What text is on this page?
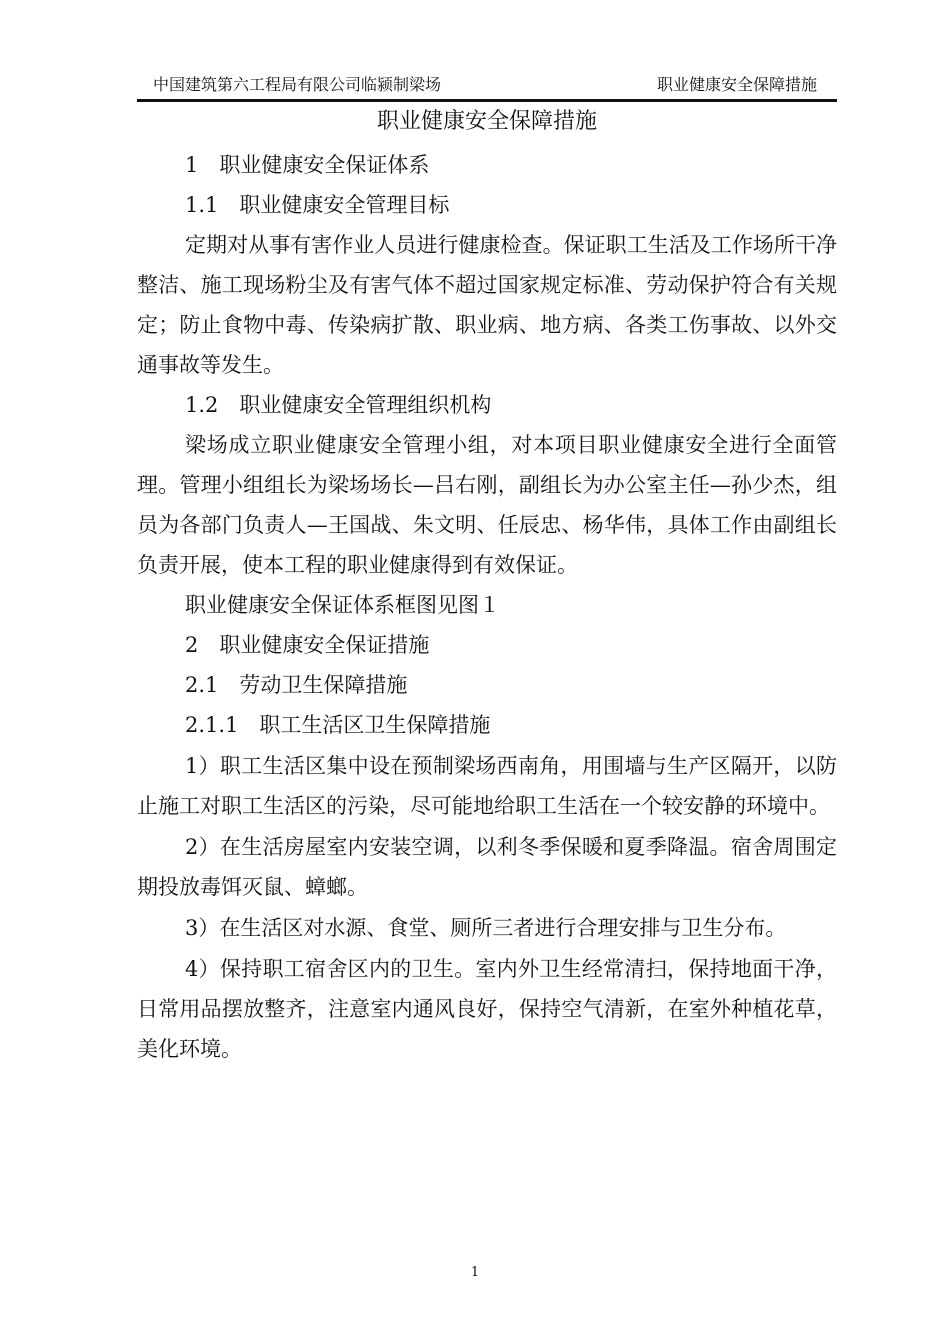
中国建筑第六工程局有限公司临颍制梁场	职业健康安全保障措施
职业健康安全保障措施

1　职业健康安全保证体系

1.1　职业健康安全管理目标

定期对从事有害作业人员进行健康检查。保证职工生活及工作场所干净整洁、施工现场粉尘及有害气体不超过国家规定标准、劳动保护符合有关规定；防止食物中毒、传染病扩散、职业病、地方病、各类工伤事故、以外交通事故等发生。

1.2　职业健康安全管理组织机构

梁场成立职业健康安全管理小组，对本项目职业健康安全进行全面管理。管理小组组长为梁场场长—吕右刚，副组长为办公室主任—孙少杰，组员为各部门负责人—王国战、朱文明、任辰忠、杨华伟，具体工作由副组长负责开展，使本工程的职业健康得到有效保证。

职业健康安全保证体系框图见图１

2　职业健康安全保证措施

2.1　劳动卫生保障措施

2.1.1　职工生活区卫生保障措施

1）职工生活区集中设在预制梁场西南角，用围墙与生产区隔开，以防止施工对职工生活区的污染，尽可能地给职工生活在一个较安静的环境中。

2）在生活房屋室内安装空调，以利冬季保暖和夏季降温。宿舍周围定期投放毒饵灭鼠、蟑螂。

3）在生活区对水源、食堂、厕所三者进行合理安排与卫生分布。

4）保持职工宿舍区内的卫生。室内外卫生经常清扫，保持地面干净，日常用品摆放整齐，注意室内通风良好，保持空气清新，在室外种植花草，美化环境。

1
